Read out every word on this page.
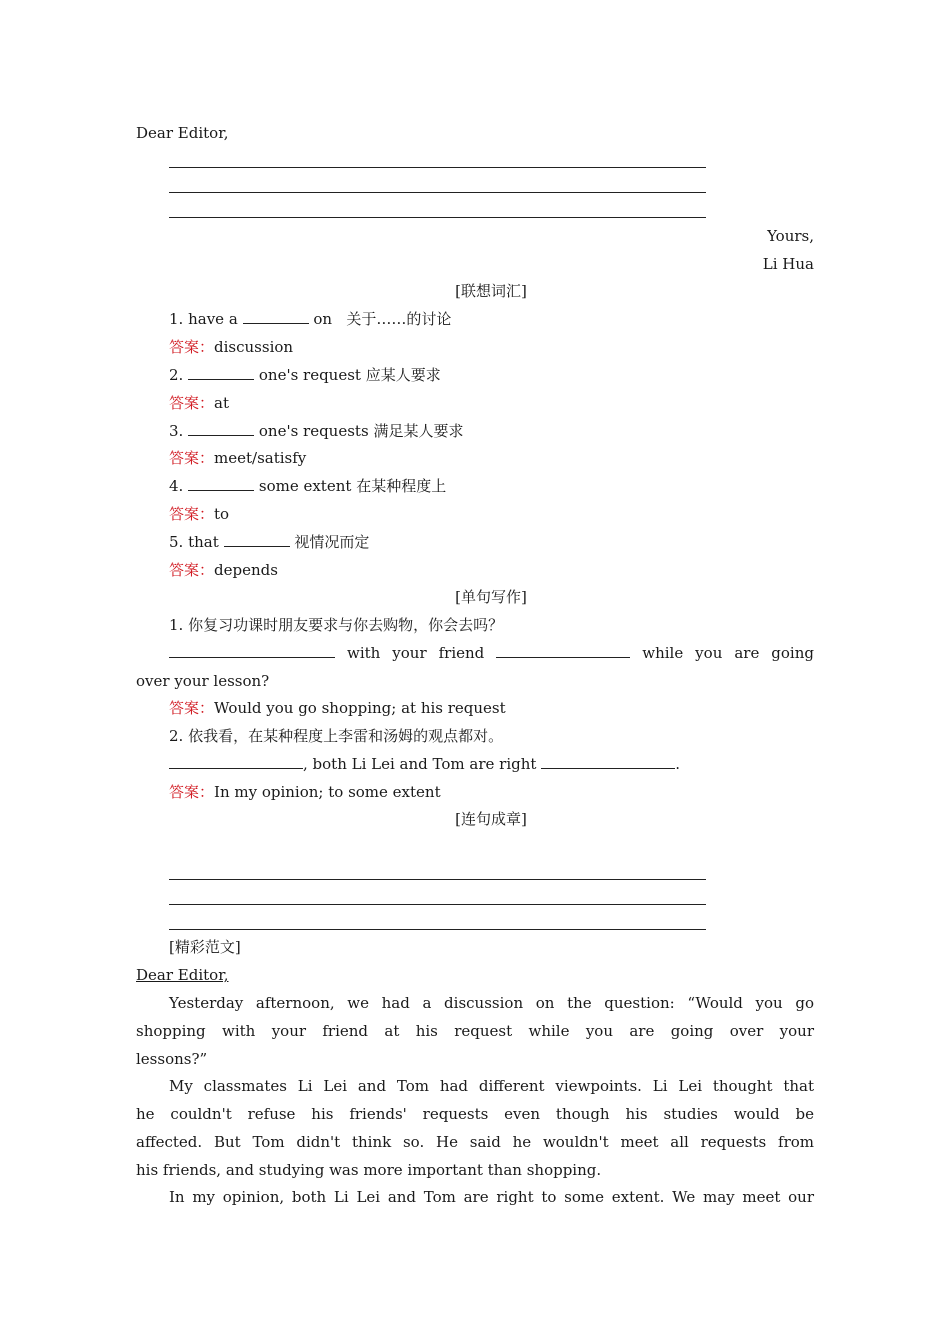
Dear Editor,
Yours,
Li Hua
[联想词汇]
1. have a	on 关于……的讨论
答案：discussion
2.	one's request 应某人要求
答案：at
3.	one's requests 满足某人要求
答案：meet/satisfy
4.	some extent 在某种程度上
答案：to
5. that	视情况而定
答案：depends
[单句写作]
1. 你复习功课时朋友要求与你去购物，你会去吗？
with your friend	while you are going
over your lesson?
答案：Would you go shopping; at his request
2. 依我看，在某种程度上李雷和汤姆的观点都对。
, both Li Lei and Tom are right	.
答案：In my opinion; to some extent
[连句成章]
[精彩范文]
Dear Editor,
Yesterday afternoon, we had a discussion on the question: “Would you go
shopping with your friend at his request while you are going over your
lessons?”
My classmates Li Lei and Tom had different viewpoints. Li Lei thought that
he couldn't refuse his friends' requests even though his studies would be
affected. But Tom didn't think so. He said he wouldn't meet all requests from
his friends, and studying was more important than shopping.
In my opinion, both Li Lei and Tom are right to some extent. We may meet our
